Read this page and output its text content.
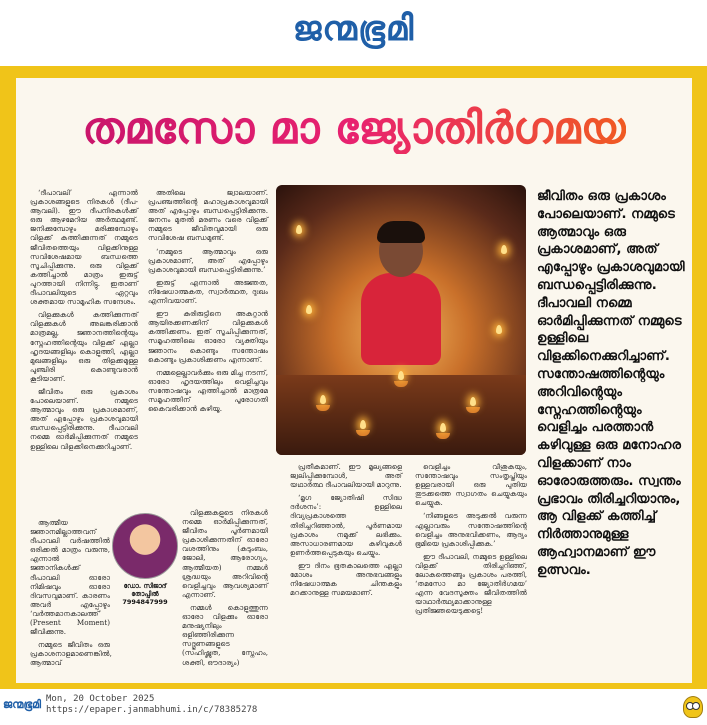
ജന്മഭൂമി
തമസോ മാ ജ്യോതിർഗമയ

‘ദീപാവലി’ എന്നാൽ പ്രകാശങ്ങളുടെ നിരകൾ (ദീപ-ആവലി). ഈ ദീപനിരകൾക്ക് ഒരു ആഴമേറിയ അർത്ഥമുണ്ട്. ജനിക്കുമ്പോഴും മരിക്കുമ്പോഴും വിളക്ക് കത്തിക്കുന്നത് നമ്മുടെ ജീവിതത്തെയും വിളക്കിനുള്ള സവിശേഷമായ ബന്ധത്തെ സൂചിപ്പിക്കുന്നു. ഒരു വിളക്ക് കത്തിച്ചാൽ മാത്രം ഇരുട്ട് പുറത്തായി നിന്നിട്ടു. ഇതാണ് ദീപാവലിയുടെ ഏറ്റവും ശക്തമായ സാമൂഹിക സന്ദേശം.

വിളക്കുകൾ കത്തിക്കുന്നത് വിളക്കുകൾ അലങ്കരിക്കാൻ മാത്രമല്ല, ജ്ഞാനത്തിന്റെയും സ്നേഹത്തിന്റെയും വിളക്ക് എല്ലാ ഹൃദയങ്ങളിലും കൊളുത്തി, എല്ലാ മുഖങ്ങളിലും ഒരു തിളക്കമുള്ള പുഞ്ചിരി കൊണ്ടുവരാൻ കൂടിയാണ്.

ജീവിതം ഒരു പ്രകാശം പോലെയാണ്. നമ്മുടെ ആത്മാവും ഒരു പ്രകാശമാണ്, അത് എപ്പോഴും പ്രകാശവുമായി ബന്ധപ്പെട്ടിരിക്കുന്നു. ദീപാവലി നമ്മെ ഓർമിപ്പിക്കുന്നത് നമ്മുടെ ഉള്ളിലെ വിളക്കിനെക്കുറിച്ചാണ്.

ആത്മീയ ജ്ഞാനമില്ലാത്തവന് ദീപാവലി വർഷത്തിൽ ഒരിക്കൽ മാത്രം വരുന്നു, എന്നാൽ ജ്ഞാനികൾക്ക് ദീപാവലി ഓരോ നിമിഷവും ഓരോ ദിവസവുമാണ്. കാരണം അവർ എപ്പോഴും ‘വർത്തമാനകാലത്ത്’ (Present Moment) ജീവിക്കുന്നു.

നമ്മുടെ ജീവിതം ഒരു പ്രകാശനാളമാണെങ്കിൽ, ആത്മാവ്

അതിലെ ജ്വാലയാണ്. പ്രപഞ്ചത്തിന്റെ മഹാപ്രകാശവുമായി അത് എപ്പോഴും ബന്ധപ്പെട്ടിരിക്കുന്നു. ജനനം മുതൽ മരണം വരെ വിളക്ക് നമ്മുടെ ജീവിതവുമായി ഒരു സവിശേഷ ബന്ധമുണ്ട്.

‘നമ്മുടെ ആത്മാവും ഒരു പ്രകാശമാണ്, അത് എപ്പോഴും പ്രകാശവുമായി ബന്ധപ്പെട്ടിരിക്കുന്നു.’

ഇരുട്ട് എന്നാൽ അജ്ഞത, നിഷേധാത്മകത, സ്വാർത്ഥത, ദുഃഖം എന്നിവയാണ്.

ഈ കുരിരുട്ടിനെ അകറ്റാൻ ആയിരക്കണക്കിന് വിളക്കുകൾ കത്തിക്കണം. ഇത് സൂചിപ്പിക്കുന്നത്, സമൂഹത്തിലെ ഓരോ വ്യക്തിയും ജ്ഞാനം കൊണ്ടും സന്തോഷം കൊണ്ടും പ്രകാശിക്കണം എന്നാണ്.

നമ്മളെല്ലാവർക്കും ഒരു മിച്ച നടന്ന്, ഓരോ ഹൃദയത്തിലും വെളിച്ചവും സന്തോഷവും എത്തിച്ചാൽ മാത്രമേ സമൂഹത്തിന് പൂരോഗതി കൈവരിക്കാൻ കഴിയൂ.

വിളക്കുകളുടെ നിരകൾ നമ്മെ ഓർമിപ്പിക്കുന്നത്, ജീവിതം പൂർണമായി പ്രകാശിക്കുന്നതിന് ഓരോ വശത്തിനും (കുടുംബം, ജോലി, ആരോഗ്യം, ആത്മീയത) നമ്മൾ ശ്രദ്ധയും അറിവിന്റെ വെളിച്ചവും ആവശ്യമാണ് എന്നാണ്.

നമ്മൾ കൊളുത്തുന്ന ഓരോ വിളക്കും ഓരോ മനുഷ്യനിലും ഒളിഞ്ഞിരിക്കുന്ന സദ്ഗുണങ്ങളുടെ (സഹിഷ്ണുത, സ്നേഹം, ശക്തി, ഔദാര്യം)

ജീവിതം ഒരു പ്രകാശം പോലെയാണ്. നമ്മുടെ ആത്മാവും ഒരു പ്രകാശമാണ്, അത് എപ്പോഴും പ്രകാശവുമായി ബന്ധപ്പെട്ടിരിക്കുന്നു. ദീപാവലി നമ്മെ ഓർമിപ്പിക്കുന്നത് നമ്മുടെ ഉള്ളിലെ വിളക്കിനെക്കുറിച്ചാണ്. സന്തോഷത്തിന്റെയും അറിവിന്റെയും സ്നേഹത്തിന്റെയും വെളിച്ചം പരത്താൻ കഴിവുള്ള ഒരു മനോഹര വിളക്കാണ് നാം ഓരോരുത്തരും. സ്വന്തം പ്രഭാവം തിരിച്ചറിയാനും, ആ വിളക്ക് കത്തിച്ച് നിർത്താനുമുള്ള ആഹ്വാനമാണ് ഈ ഉത്സവം.

പ്രതീകമാണ്. ഈ മൂല്യങ്ങളെ ജ്വലിപ്പിക്കുമ്പോൾ, അത് യഥാർത്ഥ ദീപാവലിയായി മാറുന്നു.

‘മൃഗ ജ്യോതിഷി സിദ്ധ ദർശനം’: ഉള്ളിലെ ദിവ്യപ്രകാശത്തെ തിരിച്ചറിഞ്ഞാൽ, പൂർണമായ പ്രകാശം നമുക്ക് ലഭിക്കും. അസാധാരണമായ കഴിവുകൾ ഉണർത്തപ്പെടുകയും ചെയ്യും.

ഈ ദിനം ഭൂതകാലത്തെ എല്ലാ മോശം അനുഭവങ്ങളും നിഷേധാത്മക ചിന്തകളും മറക്കാനുള്ള സമയമാണ്.

വെളിച്ചം വീശുകയും, സന്തോഷവും സംതൃപ്തിയും ഉള്ളവരായി ഒരു പുതിയ തുടക്കത്തെ സ്വാഗതം ചെയ്യുകയും ചെയ്യുക.

‘നിങ്ങളുടെ അടുക്കൽ വരുന്ന എല്ലാവരും സന്തോഷത്തിന്റെ വെളിച്ചം അനുഭവിക്കണം, ആദ്യം ഭൂമിയെ പ്രകാശിപ്പിക്കുക.’

ഈ ദീപാവലി, നമ്മുടെ ഉള്ളിലെ വിളക്ക് തിരിച്ചറിഞ്ഞ്, ലോകത്തെങ്ങും പ്രകാശം പരത്തി, ‘തമസോ മാ ജ്യോതിർഗമയ’ എന്ന വേദസൂക്തം ജീവിതത്തിൽ യാഥാർത്ഥ്യമാക്കാനുള്ള പ്രതിജ്ഞയെടുക്കട്ടെ!

ഡോ. സിജാദ് തോപ്പിൽ
7994847999
ജന്മഭൂമി Mon, 20 October 2025
https://epaper.janmabhumi.in/c/78385278
